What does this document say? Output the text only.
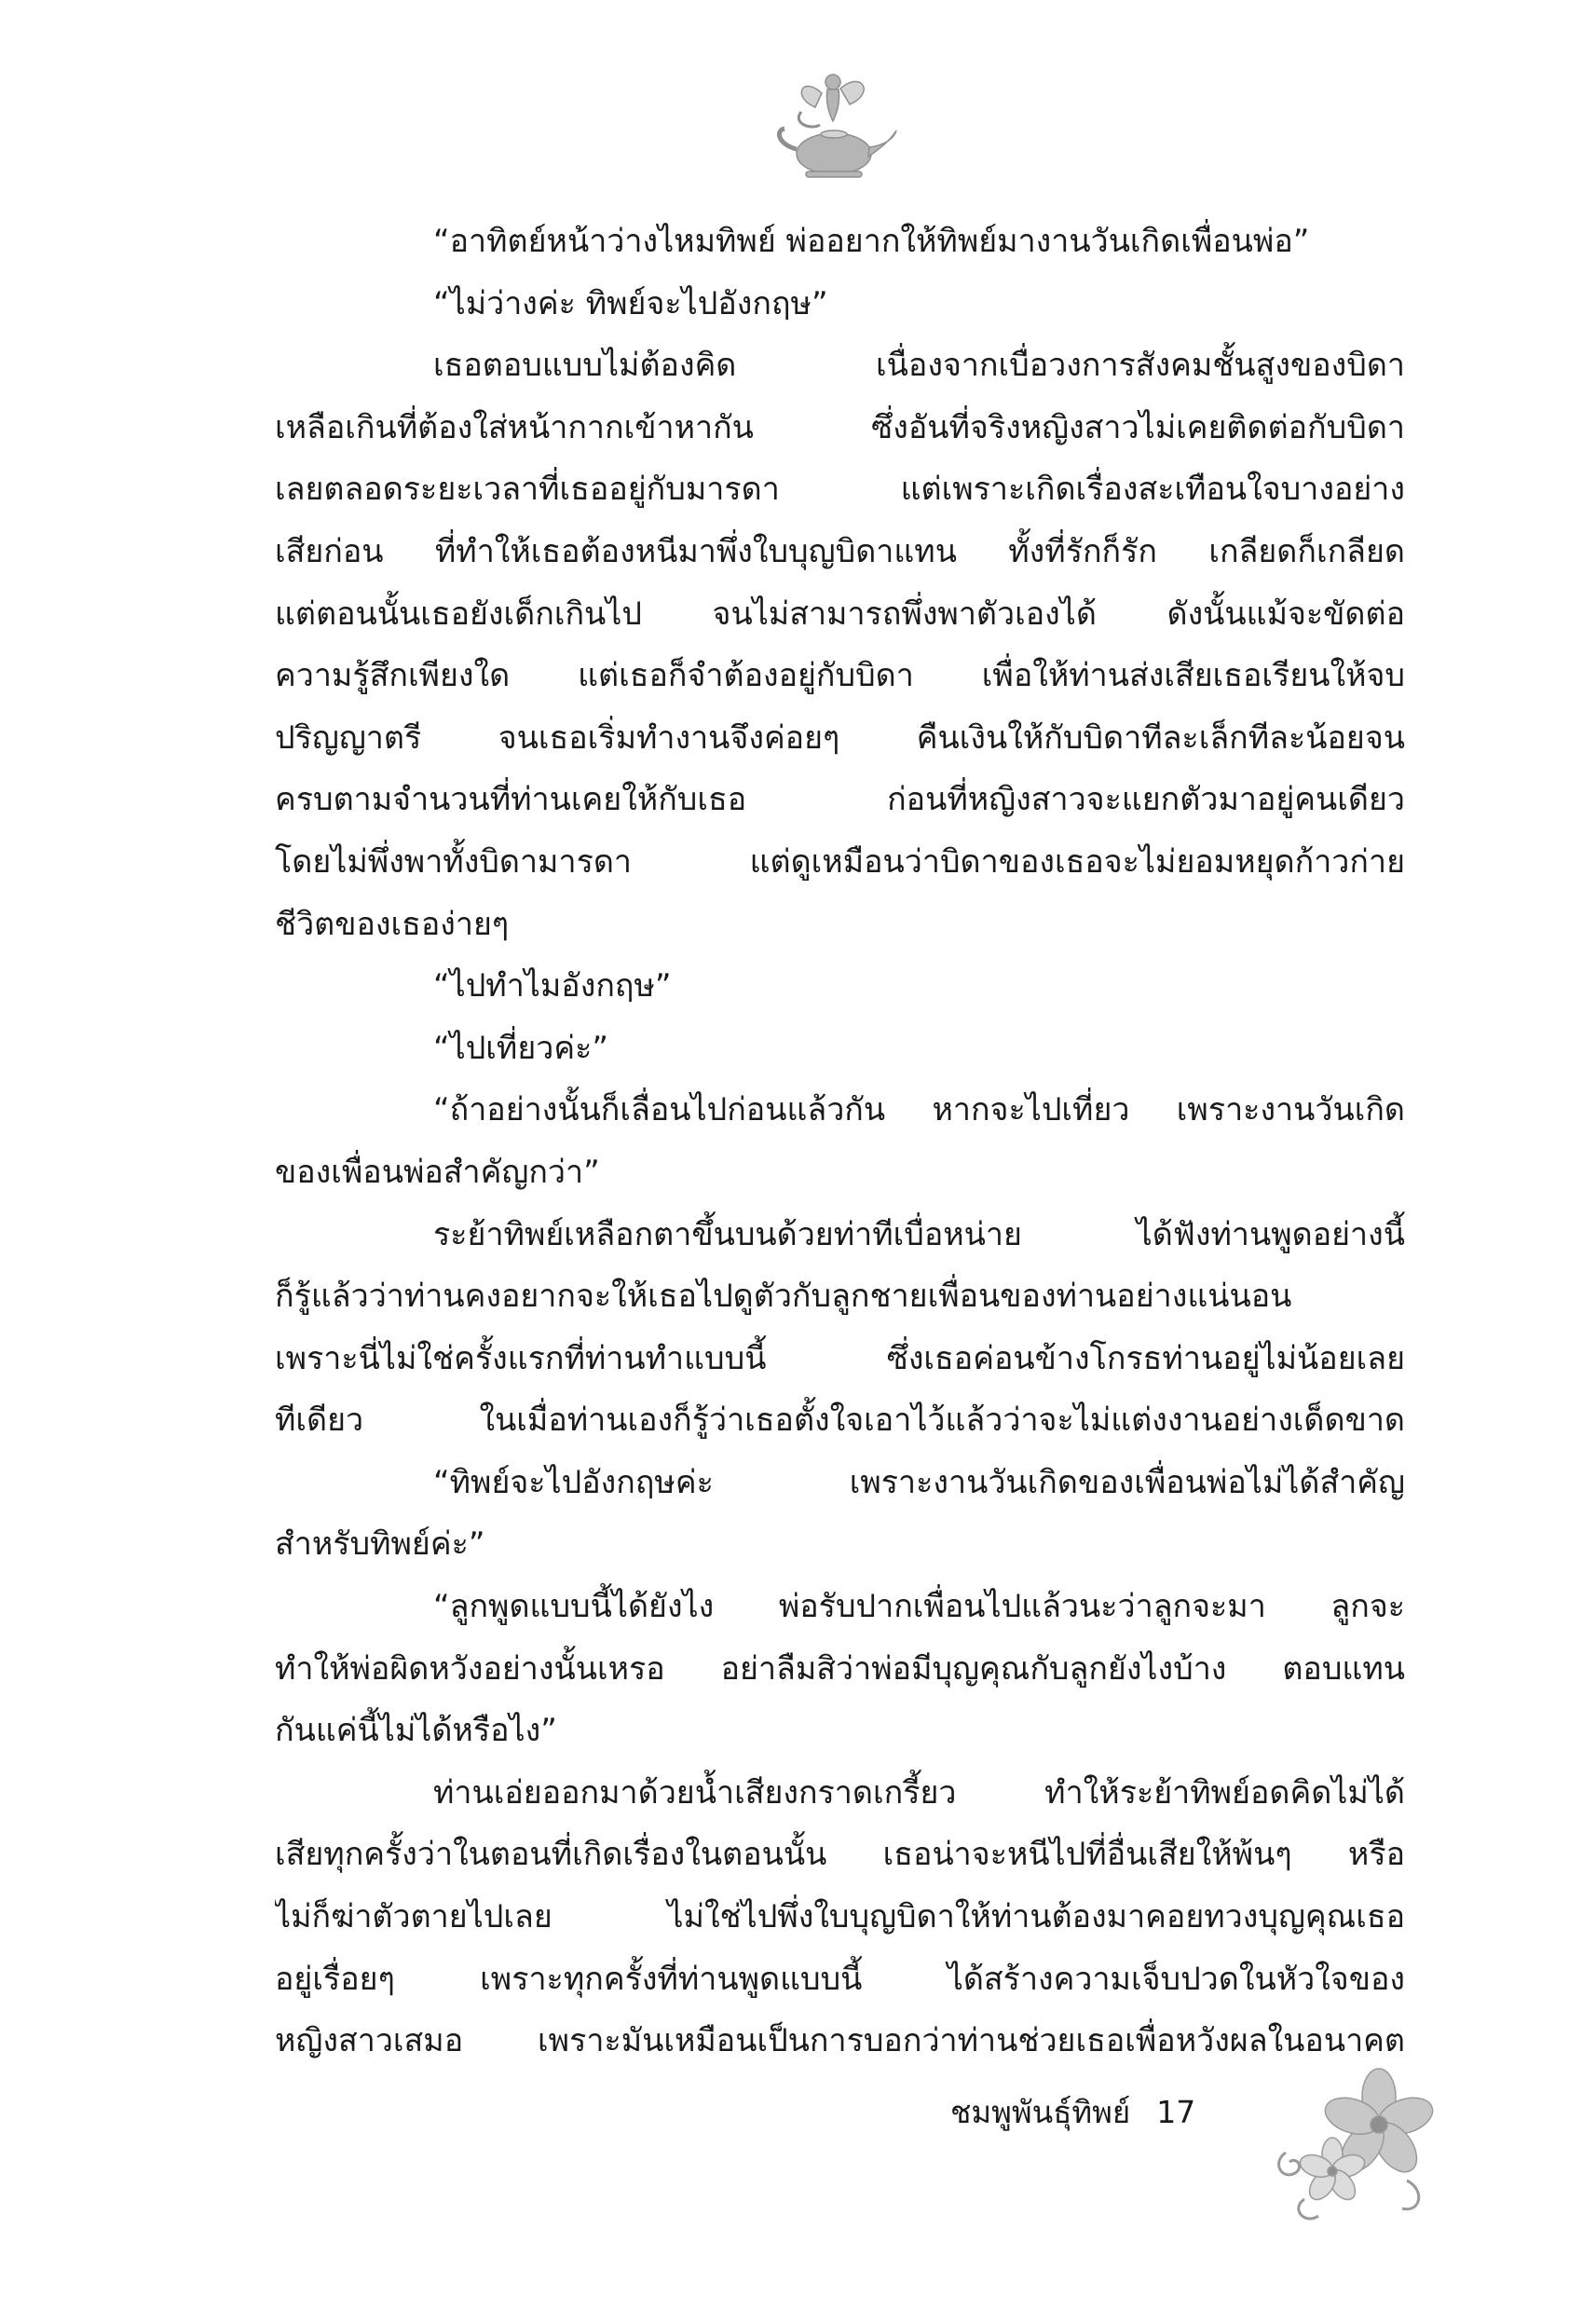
“อาทิตย์หน้าว่างไหมทิพย์ พ่ออยากให้ทิพย์มางานวันเกิดเพื่อนพ่อ”
“ไม่ว่างค่ะ ทิพย์จะไปอังกฤษ”
เธอตอบแบบไม่ต้องคิด เนื่องจากเบื่อวงการสังคมชั้นสูงของบิดา
เหลือเกินที่ต้องใส่หน้ากากเข้าหากัน ซึ่งอันที่จริงหญิงสาวไม่เคยติดต่อกับบิดา
เลยตลอดระยะเวลาที่เธออยู่กับมารดา แต่เพราะเกิดเรื่องสะเทือนใจบางอย่าง
เสียก่อน ที่ทำให้เธอต้องหนีมาพึ่งใบบุญบิดาแทน ทั้งที่รักก็รัก เกลียดก็เกลียด
แต่ตอนนั้นเธอยังเด็กเกินไป จนไม่สามารถพึ่งพาตัวเองได้ ดังนั้นแม้จะขัดต่อ
ความรู้สึกเพียงใด แต่เธอก็จำต้องอยู่กับบิดา เพื่อให้ท่านส่งเสียเธอเรียนให้จบ
ปริญญาตรี จนเธอเริ่มทำงานจึงค่อยๆ คืนเงินให้กับบิดาทีละเล็กทีละน้อยจน
ครบตามจำนวนที่ท่านเคยให้กับเธอ ก่อนที่หญิงสาวจะแยกตัวมาอยู่คนเดียว
โดยไม่พึ่งพาทั้งบิดามารดา แต่ดูเหมือนว่าบิดาของเธอจะไม่ยอมหยุดก้าวก่าย
ชีวิตของเธอง่ายๆ
“ไปทำไมอังกฤษ”
“ไปเที่ยวค่ะ”
“ถ้าอย่างนั้นก็เลื่อนไปก่อนแล้วกัน หากจะไปเที่ยว เพราะงานวันเกิด
ของเพื่อนพ่อสำคัญกว่า”
ระย้าทิพย์เหลือกตาขึ้นบนด้วยท่าทีเบื่อหน่าย ได้ฟังท่านพูดอย่างนี้
ก็รู้แล้วว่าท่านคงอยากจะให้เธอไปดูตัวกับลูกชายเพื่อนของท่านอย่างแน่นอน
เพราะนี่ไม่ใช่ครั้งแรกที่ท่านทำแบบนี้ ซึ่งเธอค่อนข้างโกรธท่านอยู่ไม่น้อยเลย
ทีเดียว ในเมื่อท่านเองก็รู้ว่าเธอตั้งใจเอาไว้แล้วว่าจะไม่แต่งงานอย่างเด็ดขาด
“ทิพย์จะไปอังกฤษค่ะ เพราะงานวันเกิดของเพื่อนพ่อไม่ได้สำคัญ
สำหรับทิพย์ค่ะ”
“ลูกพูดแบบนี้ได้ยังไง พ่อรับปากเพื่อนไปแล้วนะว่าลูกจะมา ลูกจะ
ทำให้พ่อผิดหวังอย่างนั้นเหรอ อย่าลืมสิว่าพ่อมีบุญคุณกับลูกยังไงบ้าง ตอบแทน
กันแค่นี้ไม่ได้หรือไง”
ท่านเอ่ยออกมาด้วยน้ำเสียงกราดเกรี้ยว ทำให้ระย้าทิพย์อดคิดไม่ได้
เสียทุกครั้งว่าในตอนที่เกิดเรื่องในตอนนั้น เธอน่าจะหนีไปที่อื่นเสียให้พ้นๆ หรือ
ไม่ก็ฆ่าตัวตายไปเลย ไม่ใช่ไปพึ่งใบบุญบิดาให้ท่านต้องมาคอยทวงบุญคุณเธอ
อยู่เรื่อยๆ เพราะทุกครั้งที่ท่านพูดแบบนี้ ได้สร้างความเจ็บปวดในหัวใจของ
หญิงสาวเสมอ เพราะมันเหมือนเป็นการบอกว่าท่านช่วยเธอเพื่อหวังผลในอนาคต
ชมพูพันธุ์ทิพย์ 17
